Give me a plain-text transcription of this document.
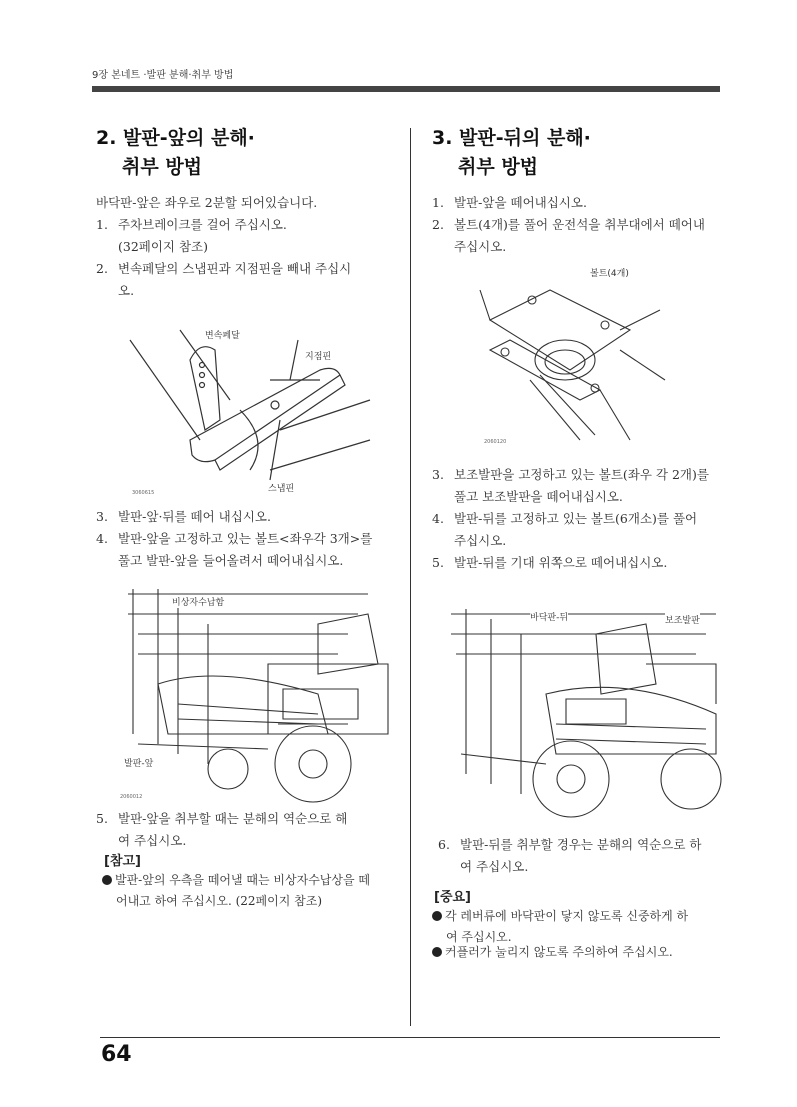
9장 본네트 ·발판 분해·취부 방법
2. 발판-앞의 분해·
취부 방법
바닥판-앞은 좌우로 2분할 되어있습니다.
1. 주차브레이크를 걸어 주십시오.
(32페이지 참조)
2. 변속페달의 스냅핀과 지점핀을 빼내 주십시
오.
변속페달
지점핀
스냅핀
3060615
3. 발판-앞·뒤를 떼어 내십시오.
4. 발판-앞을 고정하고 있는 볼트<좌우각 3개>를
풀고 발판-앞을 들어올려서 떼어내십시오.
비상자수납함
발판-앞
2060012
5. 발판-앞을 취부할 때는 분해의 역순으로 해
여 주십시오.
[참고]
발판-앞의 우측을 떼어낼 때는 비상자수납상을 떼
어내고 하여 주십시오. (22페이지 참조)
3. 발판-뒤의 분해·
취부 방법
1. 발판-앞을 떼어내십시오.
2. 볼트(4개)를 풀어 운전석을 취부대에서 떼어내
주십시오.
볼트(4개)
2060120
3. 보조발판을 고정하고 있는 볼트(좌우 각 2개)를
풀고 보조발판을 떼어내십시오.
4. 발판-뒤를 고정하고 있는 볼트(6개소)를 풀어
주십시오.
5. 발판-뒤를 기대 위쪽으로 떼어내십시오.
바닥판-뒤	보조발판
6. 발판-뒤를 취부할 경우는 분해의 역순으로 하
여 주십시오.
[중요]
각 레버류에 바닥판이 닿지 않도록 신중하게 하
여 주십시오.
커플러가 눌리지 않도록 주의하여 주십시오.
64
